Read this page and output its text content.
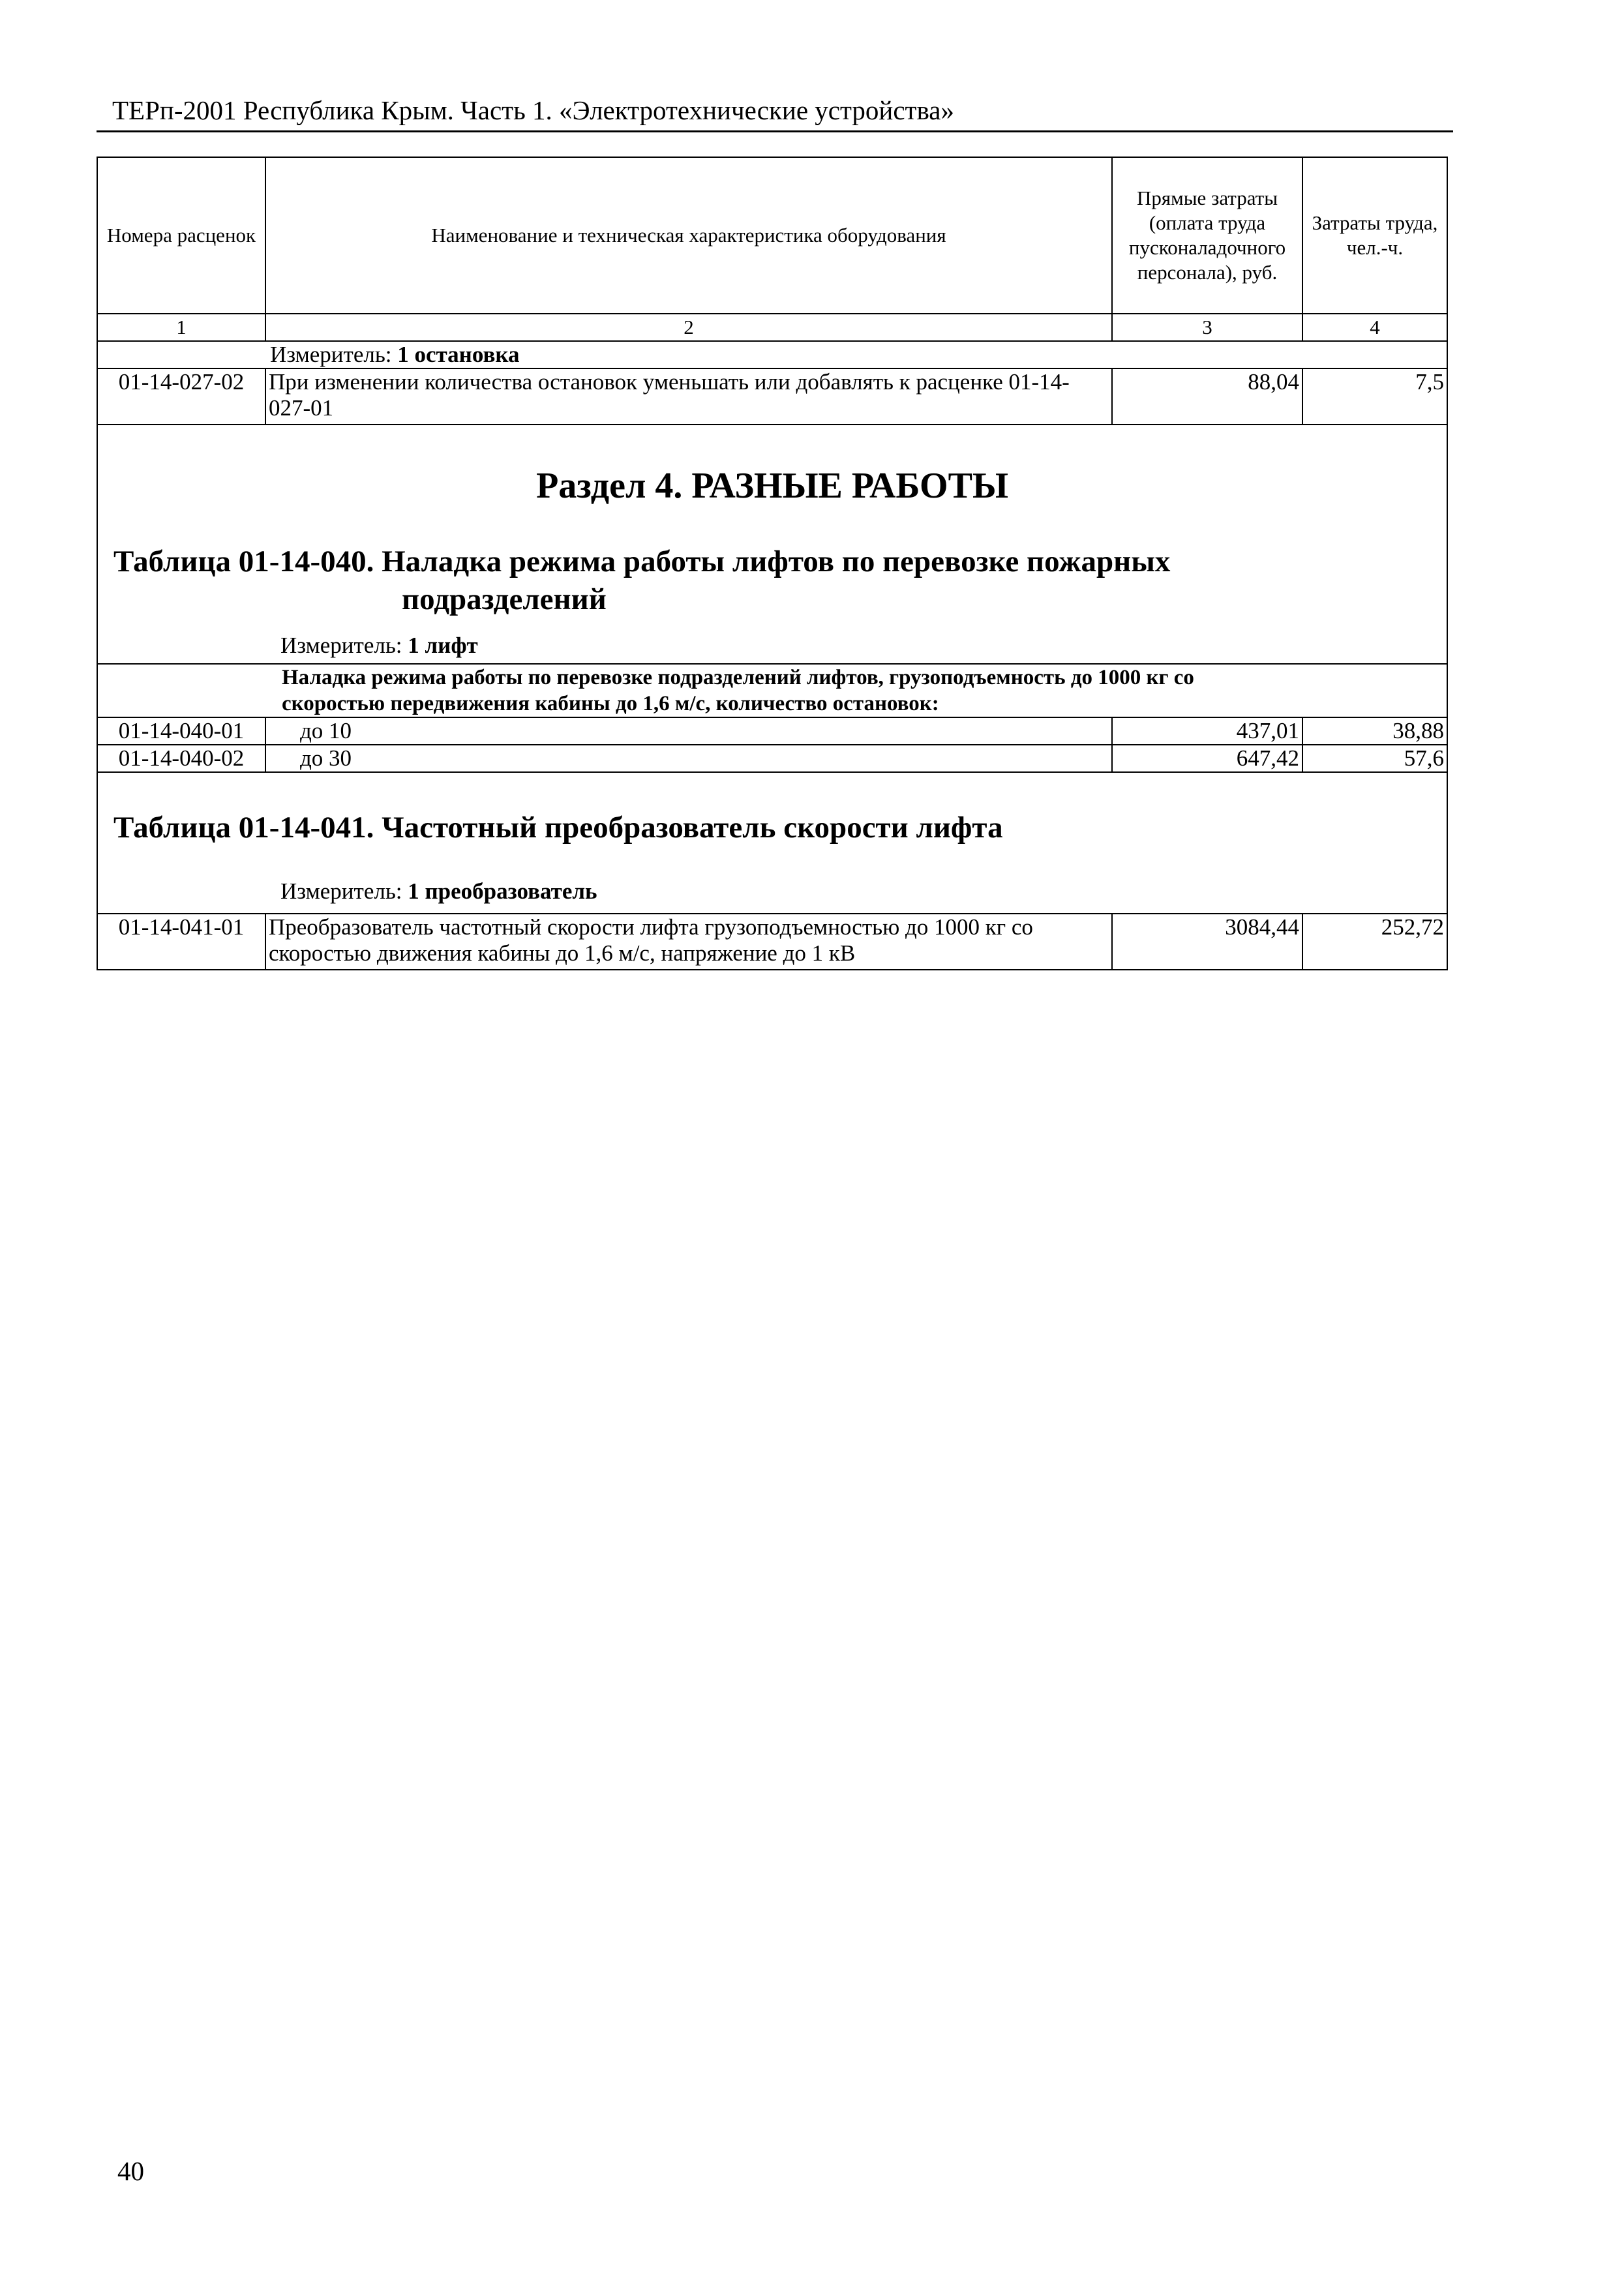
ТЕРп-2001 Республика Крым. Часть 1. «Электротехнические устройства»
Номера расценок	Наименование и техническая характеристика оборудования	Прямые затраты (оплата труда пусконаладочного персонала), руб.	Затраты труда, чел.-ч.
1	2	3	4
Измеритель: 1 остановка			
01-14-027-02	При изменении количества остановок уменьшать или добавлять к расценке 01-14-027-01	88,04	7,5

Раздел 4. РАЗНЫЕ РАБОТЫ
Таблица 01-14-040. Наладка режима работы лифтов по перевозке пожарных
подразделений
Измеритель: 1 лифт			

Наладка режима работы по перевозке подразделений лифтов, грузоподъемность до 1000 кг со скоростью передвижения кабины до 1,6 м/с, количество остановок:			
01-14-040-01	до 10	437,01	38,88
01-14-040-02	до 30	647,42	57,6

Таблица 01-14-041. Частотный преобразователь скорости лифта
Измеритель: 1 преобразователь			

01-14-041-01	Преобразователь частотный скорости лифта грузоподъемностью до 1000 кг со скоростью движения кабины до 1,6 м/с, напряжение до 1 кВ	3084,44	252,72
40
